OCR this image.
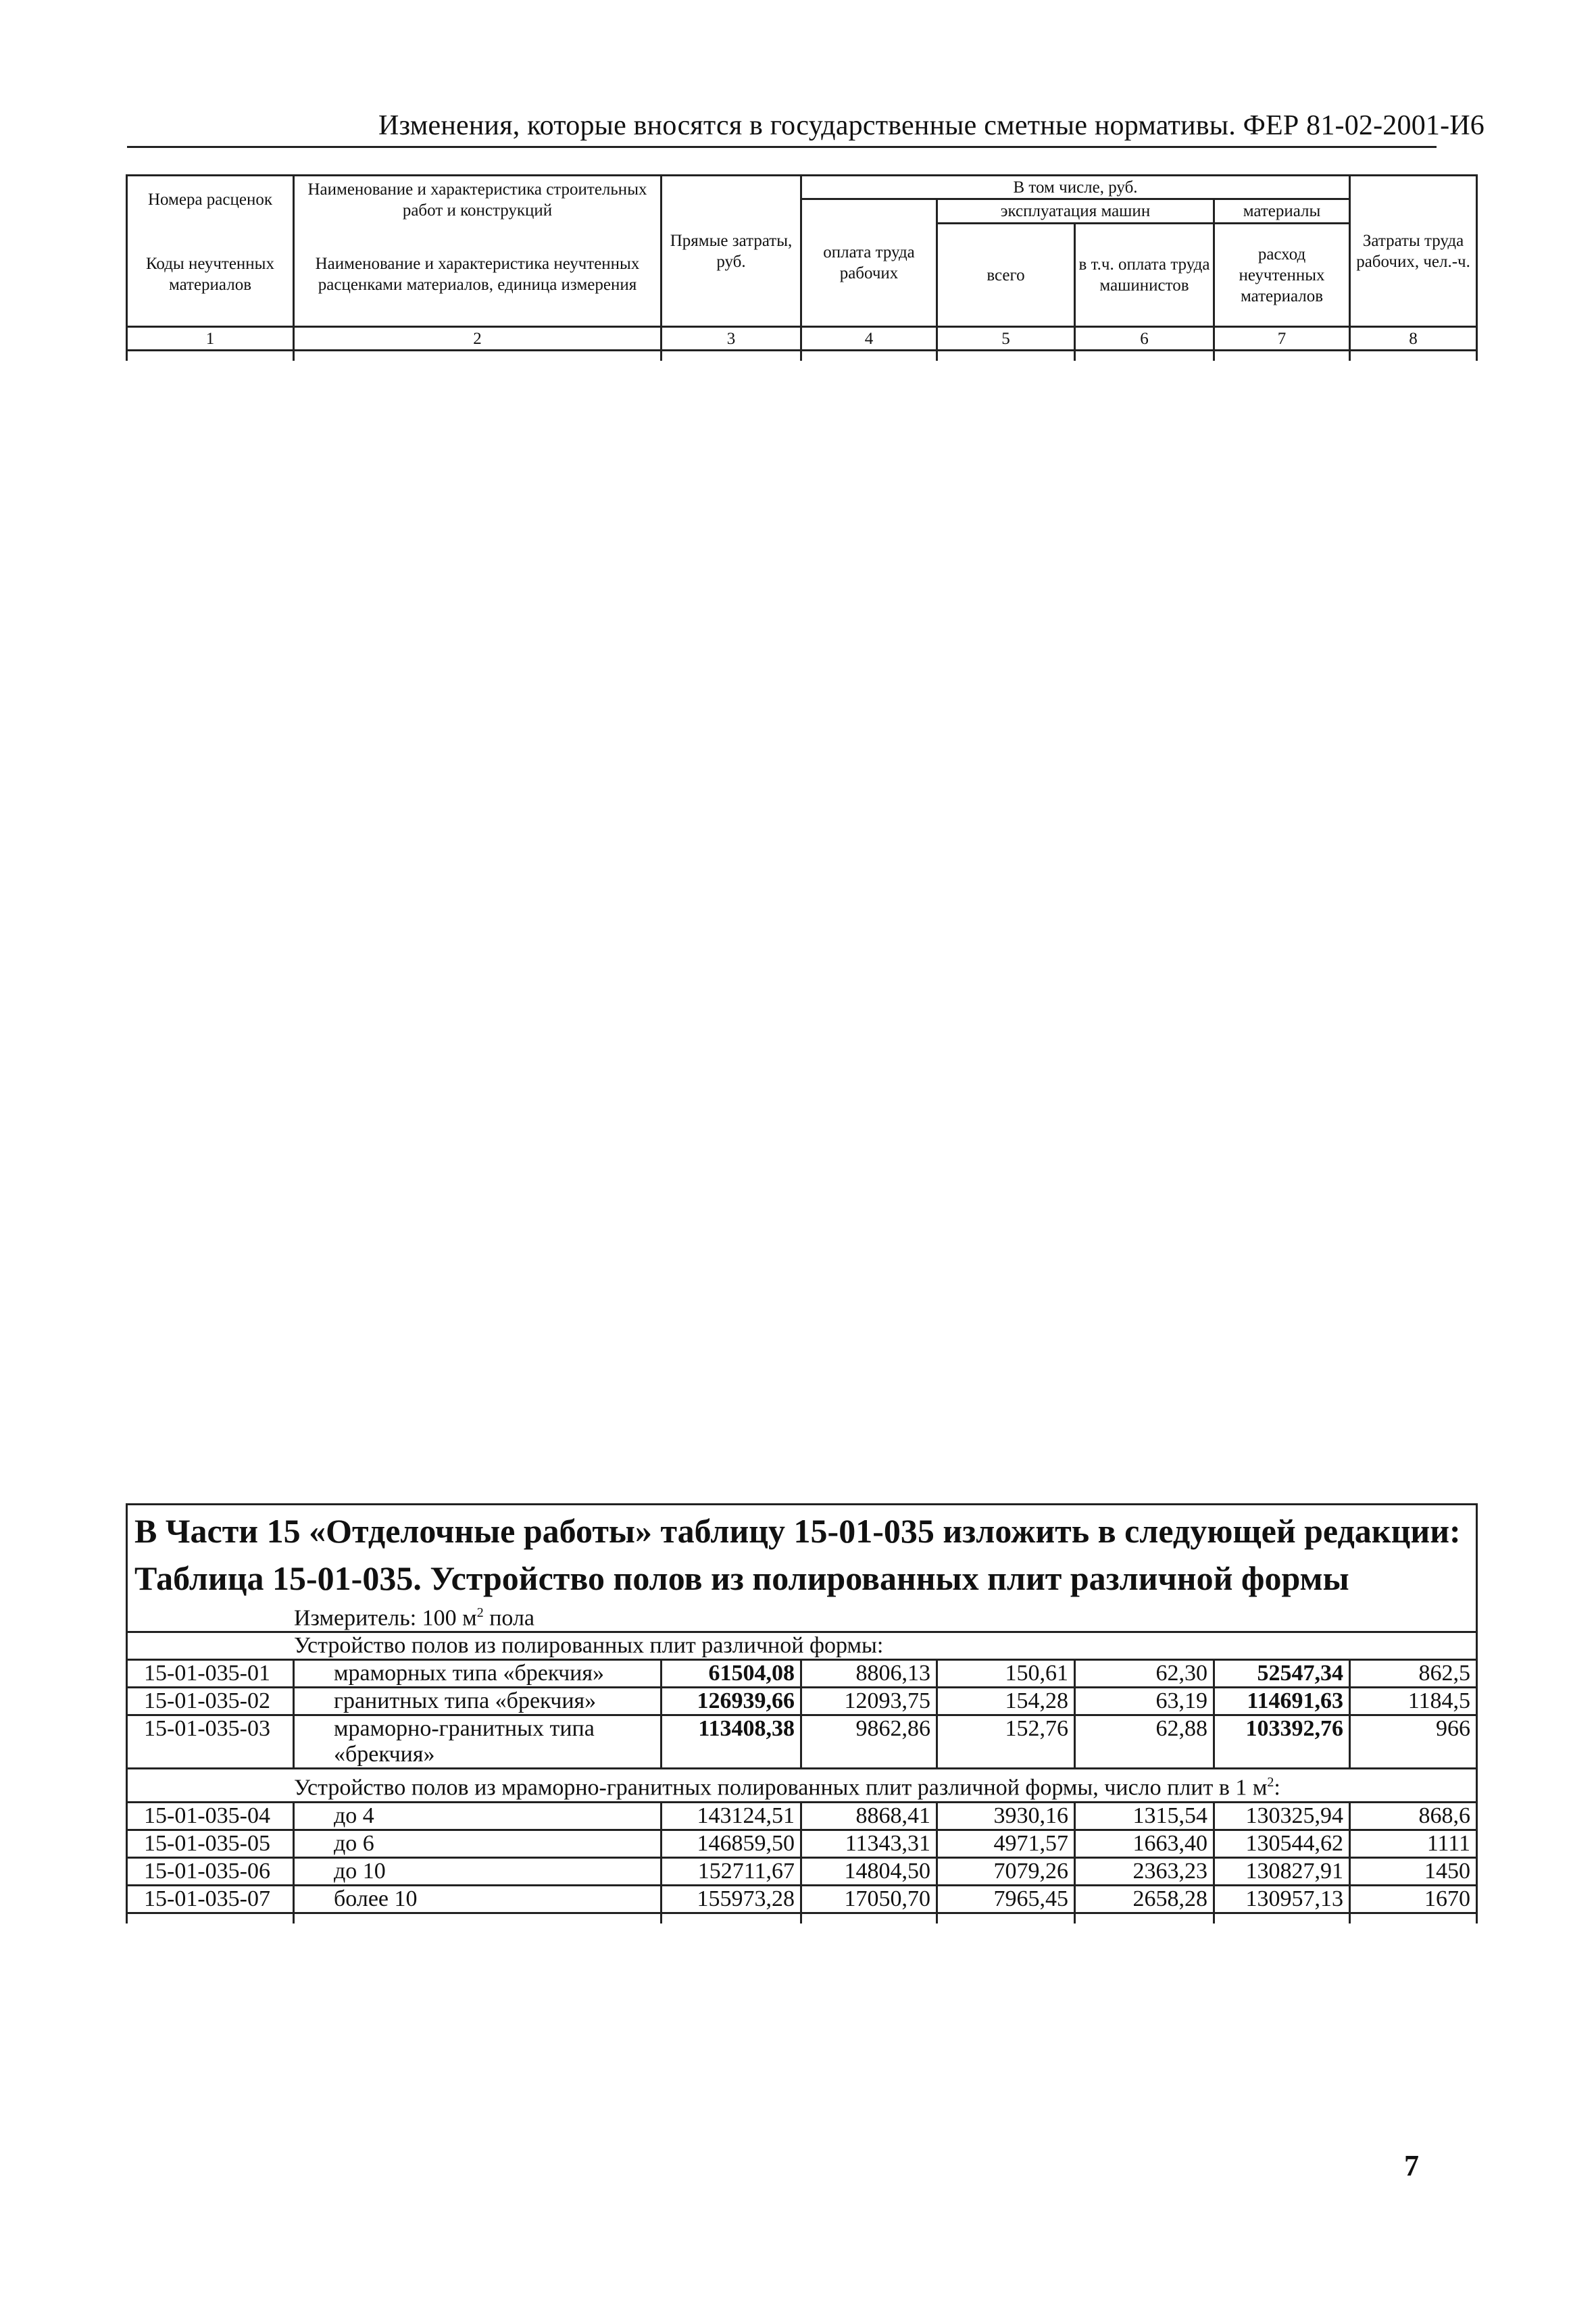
Изменения, которые вносятся в государственные сметные нормативы. ФЕР 81-02-2001-И6
Номера расценок	Наименование и характеристика строительных работ и конструкций	Прямые затраты, руб.	В том числе, руб.				Затраты труда рабочих, чел.-ч.
			оплата труда рабочих	эксплуатация машин		материалы	
Коды неучтенных материалов	Наименование и характеристика неучтенных расценками материалов, единица измерения			всего	в т.ч. оплата труда машинистов	расход неучтенных материалов	

1	2	3	4	5	6	7	8

В Части 15 «Отделочные работы» таблицу 15-01-035 изложить в следующей редакции:							
Таблица 15-01-035. Устройство полов из полированных плит различной формы							
Измеритель: 100 $м^2$ пола							
Устройство полов из полированных плит различной формы:							
15-01-035-01	мраморных типа «брекчия»	61504,08	8806,13	150,61	62,30	52547,34	862,5
15-01-035-02	гранитных типа «брекчия»	126939,66	12093,75	154,28	63,19	114691,63	1184,5
15-01-035-03	мраморно-гранитных типа «брекчия»	113408,38	9862,86	152,76	62,88	103392,76	966
Устройство полов из мраморно-гранитных полированных плит различной формы, число плит в 1 $м^2$:							
15-01-035-04	до 4	143124,51	8868,41	3930,16	1315,54	130325,94	868,6
15-01-035-05	до 6	146859,50	11343,31	4971,57	1663,40	130544,62	1111
15-01-035-06	до 10	152711,67	14804,50	7079,26	2363,23	130827,91	1450
15-01-035-07	более 10	155973,28	17050,70	7965,45	2658,28	130957,13	1670

7
